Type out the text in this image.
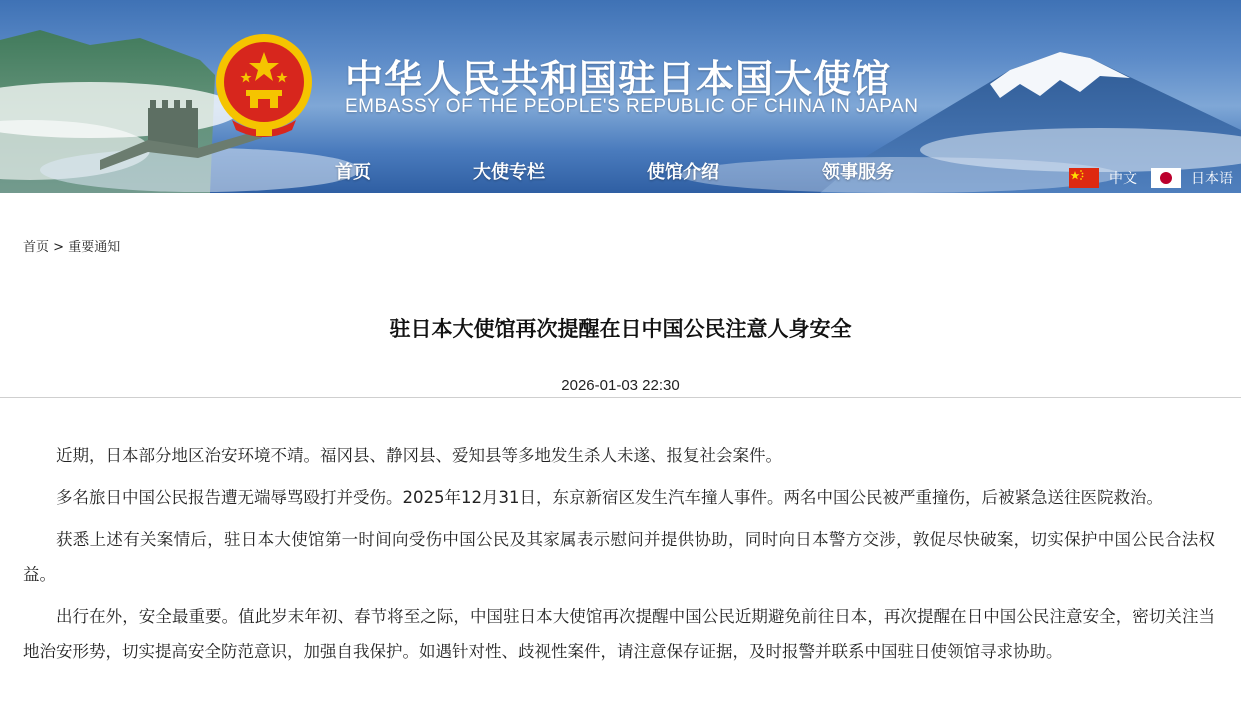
中华人民共和国驻日本国大使馆
EMBASSY OF THE PEOPLE'S REPUBLIC OF CHINA IN JAPAN
首页	大使专栏	使馆介绍	领事服务	中文	日本语
首页 > 重要通知
驻日本大使馆再次提醒在日中国公民注意人身安全
2026-01-03 22:30

近期，日本部分地区治安环境不靖。福冈县、静冈县、爱知县等多地发生杀人未遂、报复社会案件。

多名旅日中国公民报告遭无端辱骂殴打并受伤。2025年12月31日，东京新宿区发生汽车撞人事件。两名中国公民被严重撞伤，后被紧急送往医院救治。

获悉上述有关案情后，驻日本大使馆第一时间向受伤中国公民及其家属表示慰问并提供协助，同时向日本警方交涉，敦促尽快破案，切实保护中国公民合法权益。

出行在外，安全最重要。值此岁末年初、春节将至之际，中国驻日本大使馆再次提醒中国公民近期避免前往日本，再次提醒在日中国公民注意安全，密切关注当地治安形势，切实提高安全防范意识，加强自我保护。如遇针对性、歧视性案件，请注意保存证据，及时报警并联系中国驻日使领馆寻求协助。
